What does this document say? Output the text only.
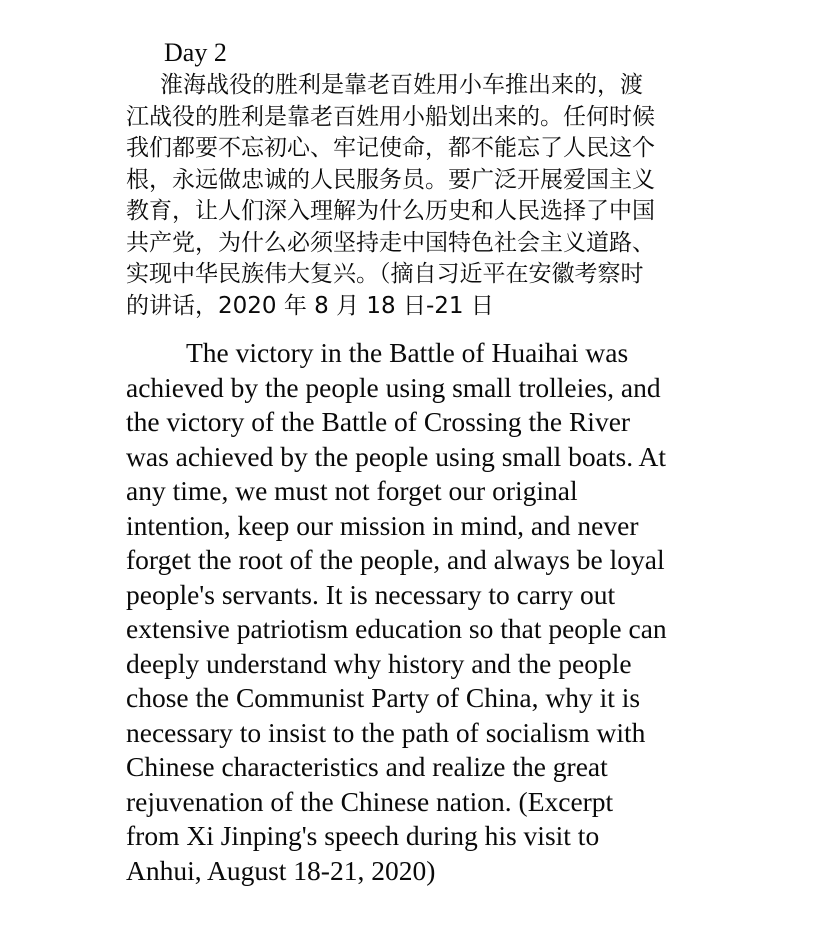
Day 2
淮海战役的胜利是靠老百姓用小车推出来的，渡
江战役的胜利是靠老百姓用小船划出来的。任何时候
我们都要不忘初心、牢记使命，都不能忘了人民这个
根，永远做忠诚的人民服务员。要广泛开展爱国主义
教育，让人们深入理解为什么历史和人民选择了中国
共产党，为什么必须坚持走中国特色社会主义道路、
实现中华民族伟大复兴。（摘自习近平在安徽考察时
的讲话，2020 年 8 月 18 日-21 日
The victory in the Battle of Huaihai was
achieved by the people using small trolleies, and
the victory of the Battle of Crossing the River
was achieved by the people using small boats. At
any time, we must not forget our original
intention, keep our mission in mind, and never
forget the root of the people, and always be loyal
people's servants. It is necessary to carry out
extensive patriotism education so that people can
deeply understand why history and the people
chose the Communist Party of China, why it is
necessary to insist to the path of socialism with
Chinese characteristics and realize the great
rejuvenation of the Chinese nation. (Excerpt
from Xi Jinping's speech during his visit to
Anhui, August 18-21, 2020)
